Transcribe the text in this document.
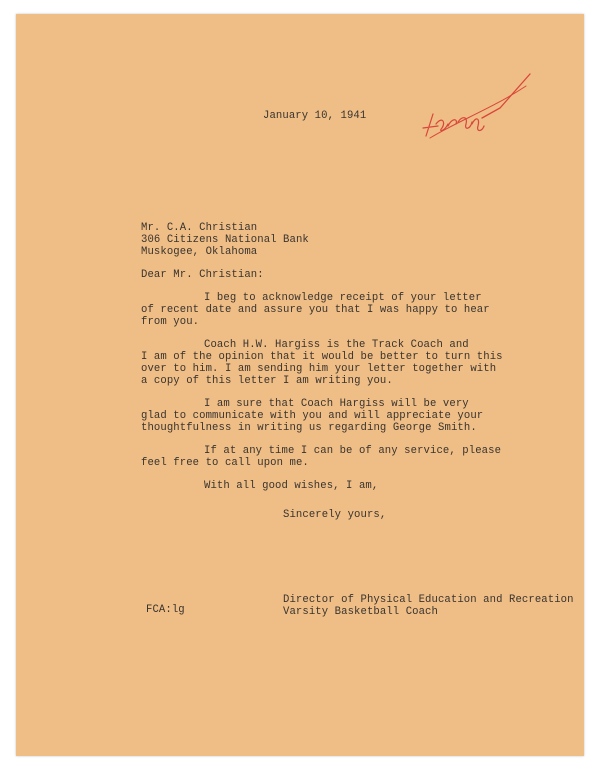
January 10, 1941
Mr. C.A. Christian
306 Citizens National Bank
Muskogee, Oklahoma
Dear Mr. Christian:
I beg to acknowledge receipt of your letter
of recent date and assure you that I was happy to hear
from you.
Coach H.W. Hargiss is the Track Coach and
I am of the opinion that it would be better to turn this
over to him. I am sending him your letter together with
a copy of this letter I am writing you.
I am sure that Coach Hargiss will be very
glad to communicate with you and will appreciate your
thoughtfulness in writing us regarding George Smith.
If at any time I can be of any service, please
feel free to call upon me.
With all good wishes, I am,
Sincerely yours,
Director of Physical Education and Recreation
Varsity Basketball Coach
FCA:lg
